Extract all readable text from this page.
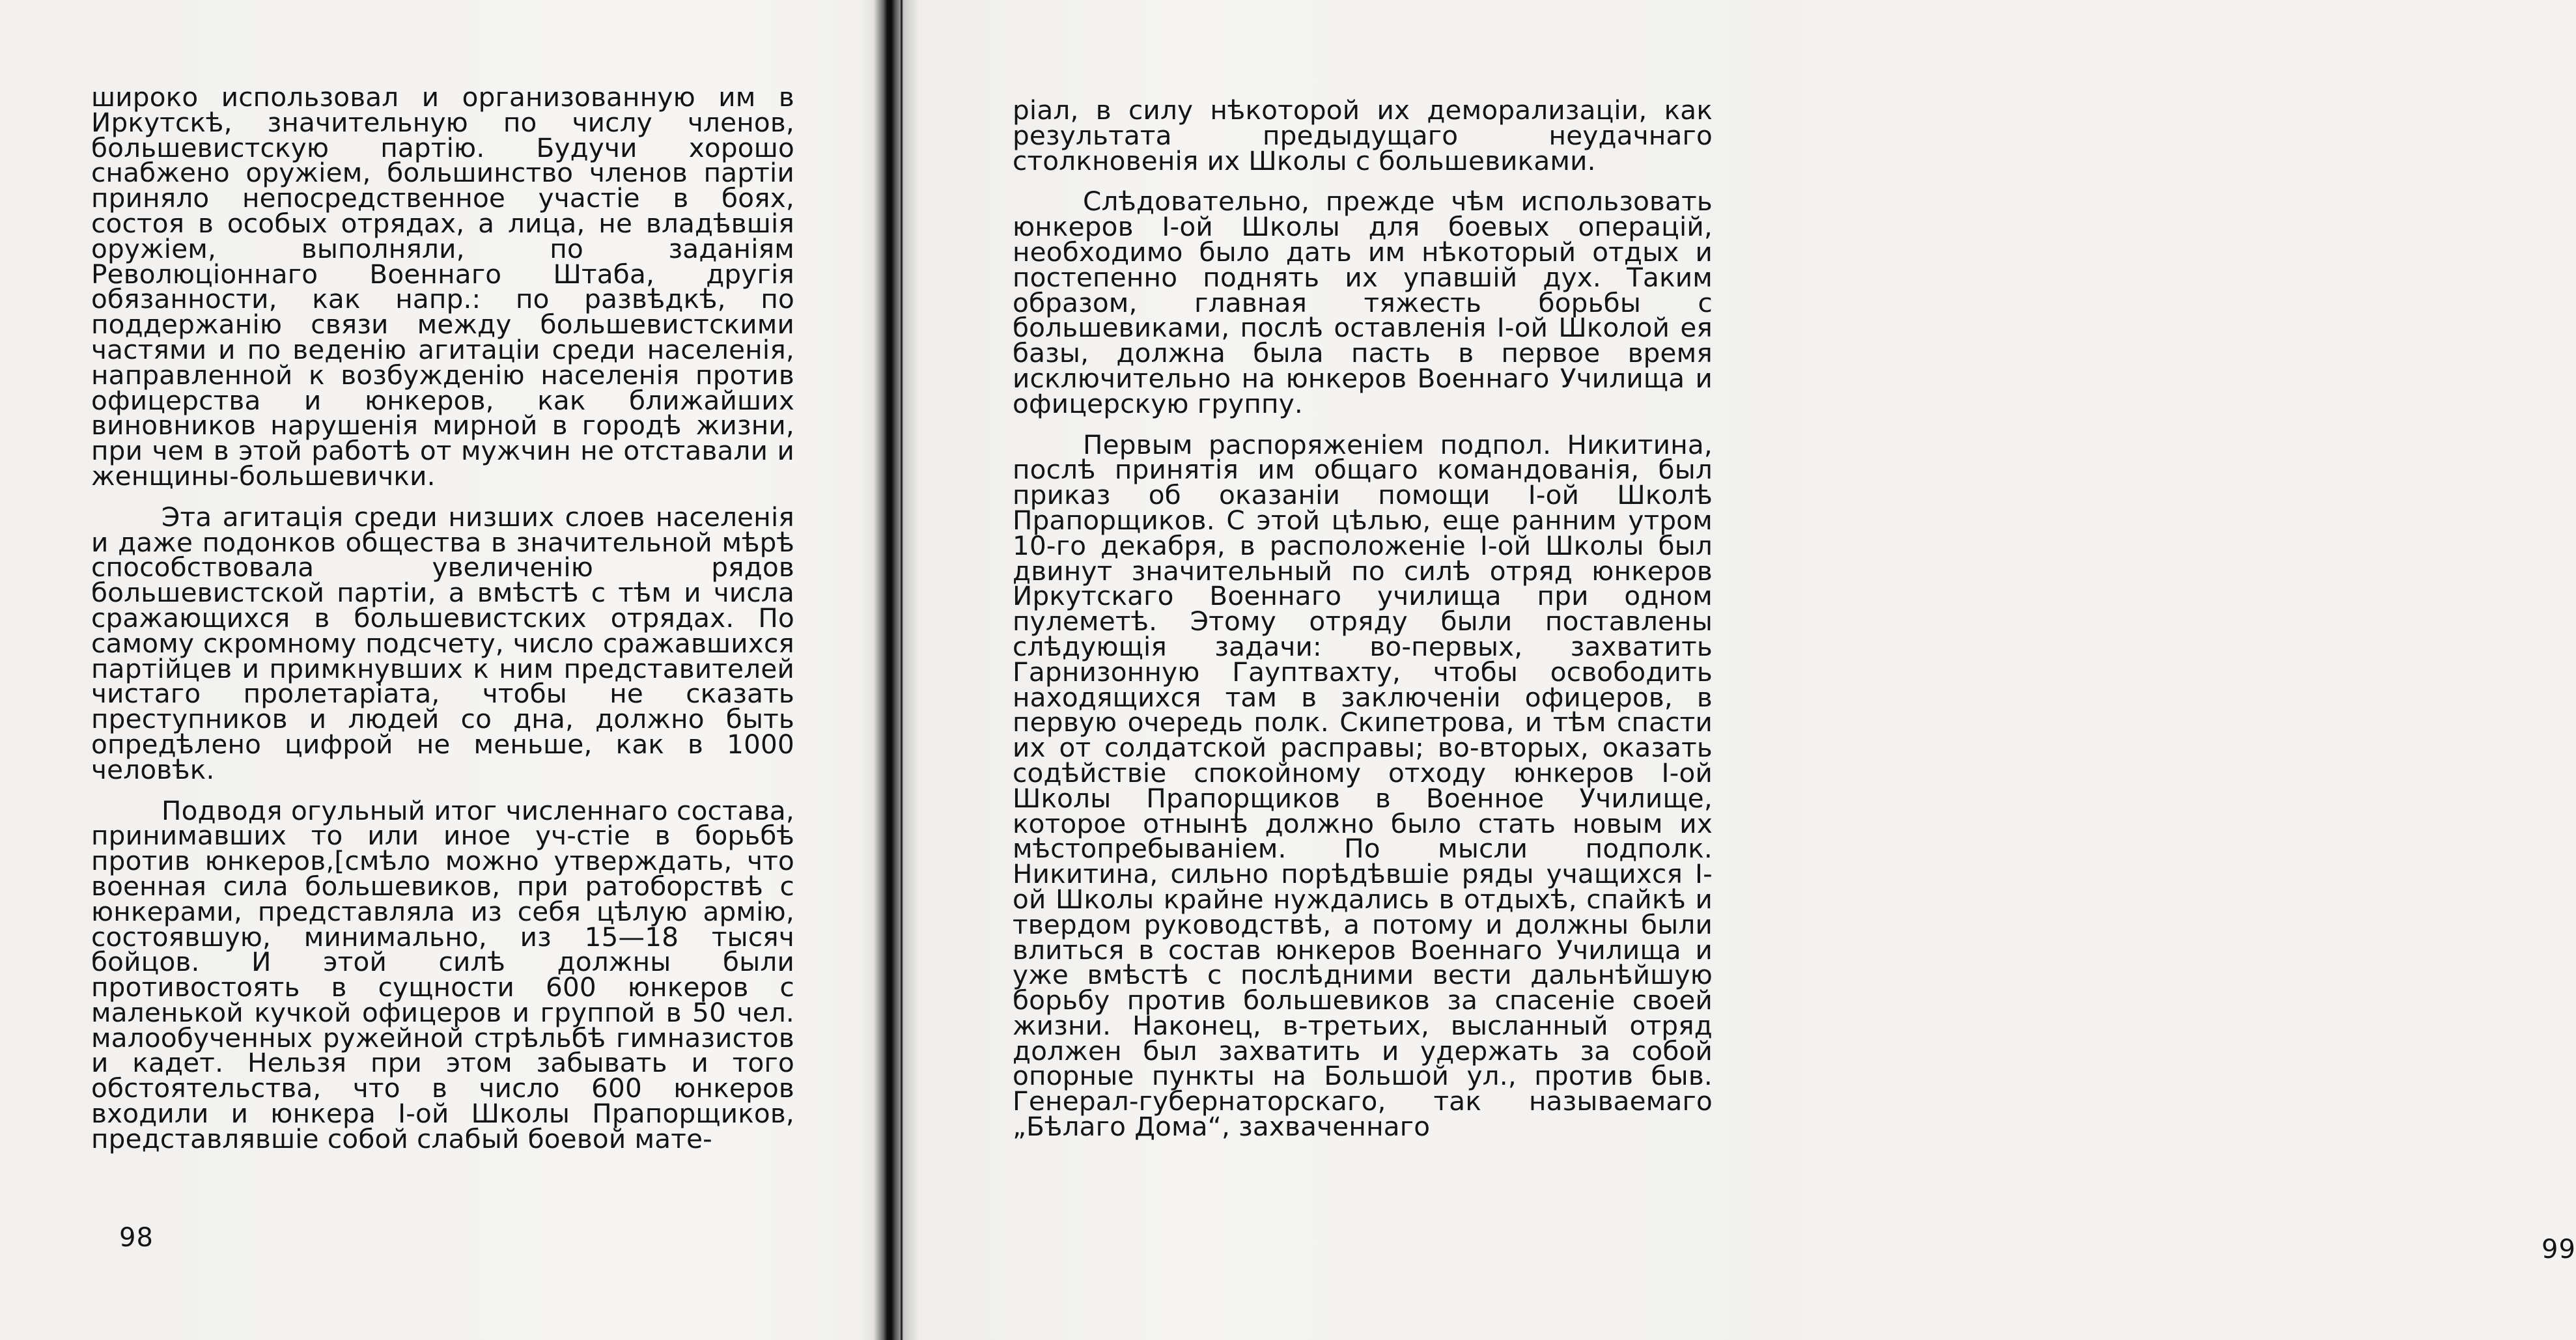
широко использовал и организованную им в Иркутскѣ, значительную по числу членов, большевистскую партію. Будучи хорошо снабжено оружіем, большинство членов партіи приняло непосредственное участіе в боях, состоя в особых отрядах, а лица, не владѣвшія оружіем, выполняли, по заданіям Революціоннаго Военнаго Штаба, другія обязанности, как напр.: по развѣдкѣ, по поддержанію связи между большевистскими частями и по веденію агитаціи среди населенія, направленной к возбужденію населенія против офицерства и юнкеров, как ближайших виновников нарушенія мирной в городѣ жизни, при чем в этой работѣ от мужчин не отставали и женщины-большевички.

Эта агитація среди низших слоев населенія и даже подонков общества в значительной мѣрѣ способствовала увеличенію рядов большевистской партіи, а вмѣстѣ с тѣм и числа сражающихся в большевистских отрядах. По самому скромному подсчету, число сражавшихся партійцев и примкнувших к ним представителей чистаго пролетаріата, чтобы не сказать преступников и людей со дна, должно быть опредѣлено цифрой не меньше, как в 1000 человѣк.

Подводя огульный итог численнаго состава, принимавших то или иное уч-стіе в борьбѣ против юнкеров,[смѣло можно утверждать, что военная сила большевиков, при ратоборствѣ с юнкерами, представляла из себя цѣлую армію, состоявшую, минимально, из 15—18 тысяч бойцов. И этой силѣ должны были противостоять в сущности 600 юнкеров с маленькой кучкой офицеров и группой в 50 чел. малообученных ружейной стрѣльбѣ гимназистов и кадет. Нельзя при этом забывать и того обстоятельства, что в число 600 юнкеров входили и юнкера І-ой Школы Прапорщиков, представлявшіе собой слабый боевой мате-

98	99

ріал, в силу нѣкоторой их деморализаціи, как результата предыдущаго неудачнаго столкновенія их Школы с большевиками.

Слѣдовательно, прежде чѣм использовать юнкеров І-ой Школы для боевых операцій, необходимо было дать им нѣкоторый отдых и постепенно поднять их упавшій дух. Таким образом, главная тяжесть борьбы с большевиками, послѣ оставленія І-ой Школой ея базы, должна была пасть в первое время исключительно на юнкеров Военнаго Училища и офицерскую группу.

Первым распоряженіем подпол. Никитина, послѣ принятія им общаго командованія, был приказ об оказаніи помощи І-ой Школѣ Прапорщиков. С этой цѣлью, еще ранним утром 10-го декабря, в расположеніе І-ой Школы был двинут значительный по силѣ отряд юнкеров Иркутскаго Военнаго училища при одном пулеметѣ. Этому отряду были поставлены слѣдующія задачи: во-первых, захватить Гарнизонную Гауптвахту, чтобы освободить находящихся там в заключеніи офицеров, в первую очередь полк. Скипетрова, и тѣм спасти их от солдатской расправы; во-вторых, оказать содѣйствіе спокойному отходу юнкеров І-ой Школы Прапорщиков в Военное Училище, которое отнынѣ должно было стать новым их мѣстопребываніем. По мысли подполк. Никитина, сильно порѣдѣвшіе ряды учащихся І-ой Школы крайне нуждались в отдыхѣ, спайкѣ и твердом руководствѣ, а потому и должны были влиться в состав юнкеров Военнаго Училища и уже вмѣстѣ с послѣдними вести дальнѣйшую борьбу против большевиков за спасеніе своей жизни. Наконец, в-третьих, высланный отряд должен был захватить и удержать за собой опорные пункты на Большой ул., против быв. Генерал-губернаторскаго, так называемаго „Бѣлаго Дома“, захваченнаго
